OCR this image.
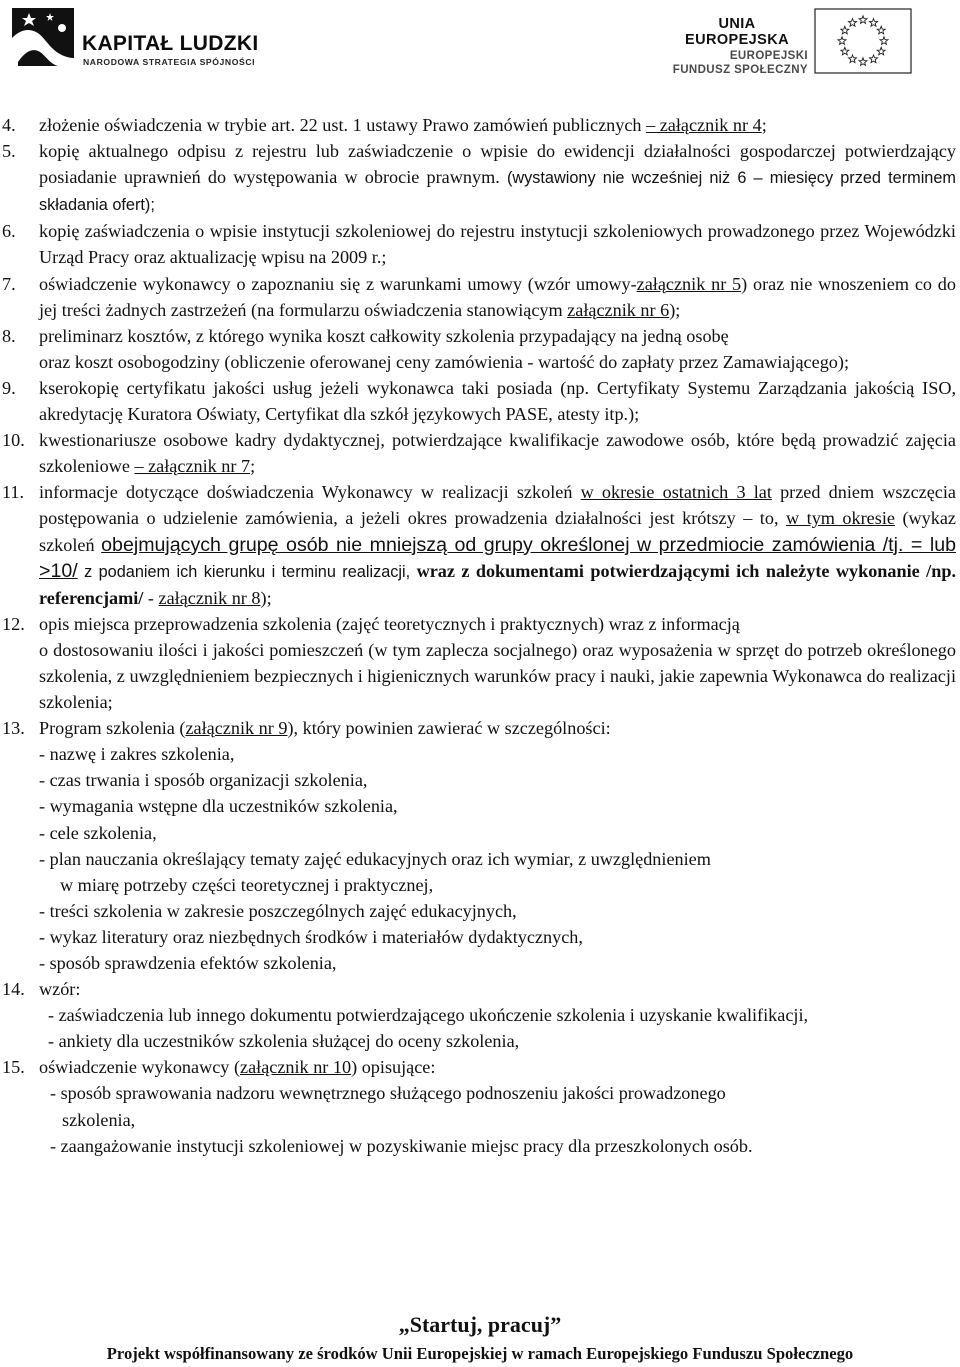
KAPITAŁ LUDZKI
NARODOWA STRATEGIA SPÓJNOŚCI
UNIA EUROPEJSKA
EUROPEJSKI
FUNDUSZ SPOŁECZNY
4. złożenie oświadczenia w trybie art. 22 ust. 1 ustawy Prawo zamówień publicznych – załącznik nr 4;
5. kopię aktualnego odpisu z rejestru lub zaświadczenie o wpisie do ewidencji działalności gospodarczej potwierdzający posiadanie uprawnień do występowania w obrocie prawnym. (wystawiony nie wcześniej niż 6 – miesięcy przed terminem składania ofert);
6. kopię zaświadczenia o wpisie instytucji szkoleniowej do rejestru instytucji szkoleniowych prowadzonego przez Wojewódzki Urząd Pracy oraz aktualizację wpisu na 2009 r.;
7. oświadczenie wykonawcy o zapoznaniu się z warunkami umowy (wzór umowy-załącznik nr 5) oraz nie wnoszeniem co do jej treści żadnych zastrzeżeń (na formularzu oświadczenia stanowiącym załącznik nr 6);
8. preliminarz kosztów, z którego wynika koszt całkowity szkolenia przypadający na jedną osobę
oraz koszt osobogodziny (obliczenie oferowanej ceny zamówienia - wartość do zapłaty przez Zamawiającego);
9. kserokopię certyfikatu jakości usług jeżeli wykonawca taki posiada (np. Certyfikaty Systemu Zarządzania jakością ISO, akredytację Kuratora Oświaty, Certyfikat dla szkół językowych PASE, atesty itp.);
10. kwestionariusze osobowe kadry dydaktycznej, potwierdzające kwalifikacje zawodowe osób, które będą prowadzić zajęcia szkoleniowe – załącznik nr 7;
11. informacje dotyczące doświadczenia Wykonawcy w realizacji szkoleń w okresie ostatnich 3 lat przed dniem wszczęcia postępowania o udzielenie zamówienia, a jeżeli okres prowadzenia działalności jest krótszy – to, w tym okresie (wykaz szkoleń obejmujących grupę osób nie mniejszą od grupy określonej w przedmiocie zamówienia /tj. = lub >10/ z podaniem ich kierunku i terminu realizacji, wraz z dokumentami potwierdzającymi ich należyte wykonanie /np. referencjami/ - załącznik nr 8);
12. opis miejsca przeprowadzenia szkolenia (zajęć teoretycznych i praktycznych) wraz z informacją
o dostosowaniu ilości i jakości pomieszczeń (w tym zaplecza socjalnego) oraz wyposażenia w sprzęt do potrzeb określonego szkolenia, z uwzględnieniem bezpiecznych i higienicznych warunków pracy i nauki, jakie zapewnia Wykonawca do realizacji szkolenia;
13. Program szkolenia (załącznik nr 9), który powinien zawierać w szczególności:
- nazwę i zakres szkolenia,
- czas trwania i sposób organizacji szkolenia,
- wymagania wstępne dla uczestników szkolenia,
- cele szkolenia,
- plan nauczania określający tematy zajęć edukacyjnych oraz ich wymiar, z uwzględnieniem
w miarę potrzeby części teoretycznej i praktycznej,
- treści szkolenia w zakresie poszczególnych zajęć edukacyjnych,
- wykaz literatury oraz niezbędnych środków i materiałów dydaktycznych,
- sposób sprawdzenia efektów szkolenia,
14. wzór:
- zaświadczenia lub innego dokumentu potwierdzającego ukończenie szkolenia i uzyskanie kwalifikacji,
- ankiety dla uczestników szkolenia służącej do oceny szkolenia,
15. oświadczenie wykonawcy (załącznik nr 10) opisujące:
- sposób sprawowania nadzoru wewnętrznego służącego podnoszeniu jakości prowadzonego
szkolenia,
- zaangażowanie instytucji szkoleniowej w pozyskiwanie miejsc pracy dla przeszkolonych osób.
„Startuj, pracuj”
Projekt współfinansowany ze środków Unii Europejskiej w ramach Europejskiego Funduszu Społecznego
